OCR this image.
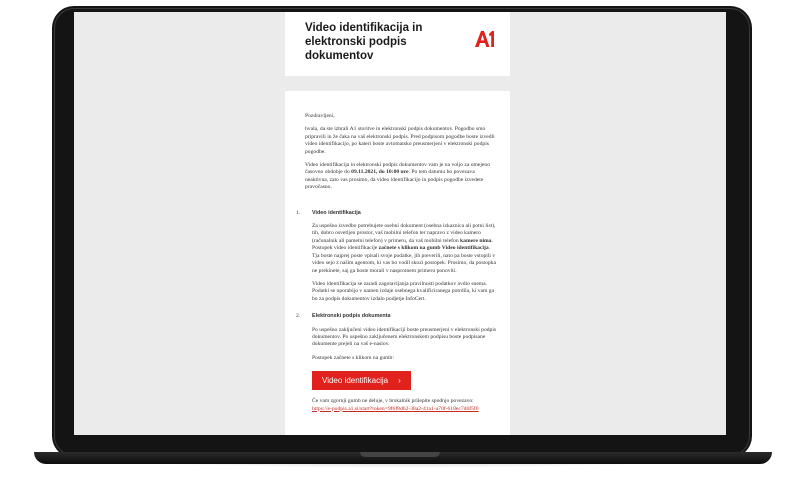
Video identifikacija in elektronski podpis dokumentov

Pozdravljeni,

hvala, da ste izbrali A1 storitve in elektronski podpis dokumentov. Pogodbo smo pripravili in že čaka na vaš elektronski podpis. Pred podpisom pogodbe boste izvedli video identifikacijo, po kateri boste avtomatsko preusmerjeni v elektronski podpis pogodbe.

Video identifikacija in elektronski podpis dokumentov vam je na voljo za omejeno časovno obdobje do 09.11.2021, do 10:00 ure. Po tem datumu bo povezava neaktivna, zato vas prosimo, da video identifikacijo in podpis pogodbe izvedete pravočasno.

1. Video identifikacija

Za uspešno izvedbo potrebujete osebni dokument (osebna izkaznica ali potni list), tih, dobro osvetljen prostor, vaš mobilni telefon ter napravo z video kamero (računalnik ali pametni telefon) v primeru, da vaš mobilni telefon kamere nima. Postopek video identifikacije začnete s klikom na gumb Video identifikacija. Tja boste najprej poste vpisali svoje podatke, jih preverili, nato pa boste vstopili v video sejo z našim agentom, ki vas bo vodil skozi postopek. Prosimo, da postopka ne prekinete, saj ga boste morali v nasprotnem primeru ponoviti.

Video identifikacija se zaradi zagotavljanja pravilnosti podatkov avdio snema. Podatki se uporabijo v namen izdaje osebnega kvalificiranega potrdila, ki vam ga bo za podpis dokumentov izdalo podjetje InfoCert.

2. Elektronski podpis dokumenta

Po uspešno zaključeni video identifikaciji boste preusmerjeni v elektronski podpis dokumentov. Po uspešno zaključenem elektronskem podpisu boste podpisane dokumente prejeli na vaš e-naslov.

Postopek začnete s klikom na gumb:

Video identifikacija ›

Če vam zgornji gumb ne deluje, v brskalnik prilepite spodnjo povezavo:
https://e-podpis.a1.si/start?token=9f6f8d62-38a2-41a1-a70f-618ec7d6f5f0
